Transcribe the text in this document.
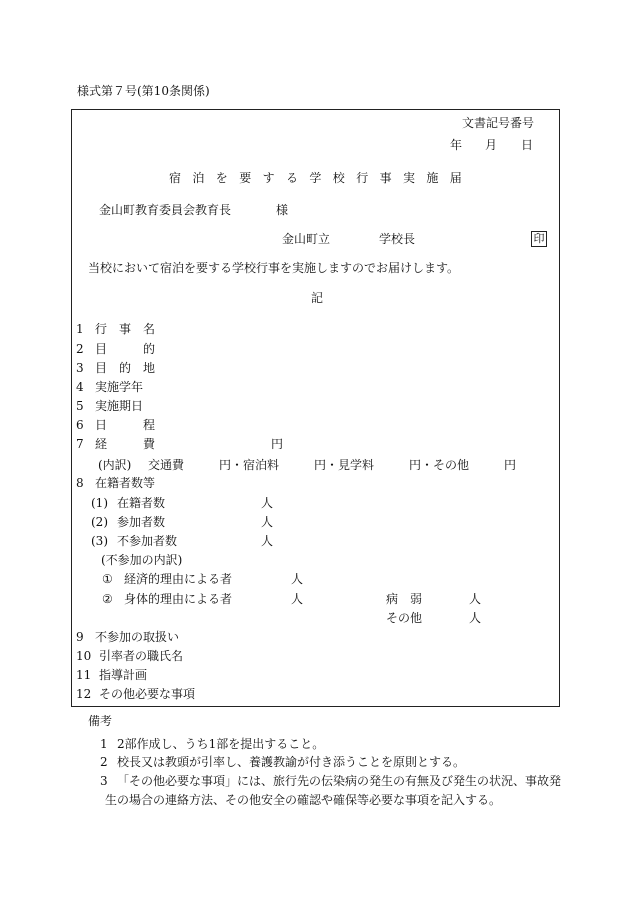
様式第７号(第10条関係)
文書記号番号
年 月 日
宿泊を要する学校行事実施届
金山町教育委員会教育長	様
金山町立	学校長	印
当校において宿泊を要する学校行事を実施しますのでお届けします。
記
1 行　事　名
2 目　　　的
3 目　的　地
4 実施学年
5 実施期日
6 日　　　程
7 経　　　費	円
(内訳) 交通費	円・宿泊料	円・見学料	円・その他	円
8 在籍者数等
(1) 在籍者数	人
(2) 参加者数	人
(3) 不参加者数	人
(不参加の内訳)
① 経済的理由による者	人
② 身体的理由による者	人	病　弱	人
その他	人
9 不参加の取扱い
10 引率者の職氏名
11 指導計画
12 その他必要な事項
備考
1 2部作成し、うち1部を提出すること。
2 校長又は教頭が引率し、養護教諭が付き添うことを原則とする。
3 「その他必要な事項」には、旅行先の伝染病の発生の有無及び発生の状況、事故発
生の場合の連絡方法、その他安全の確認や確保等必要な事項を記入する。
